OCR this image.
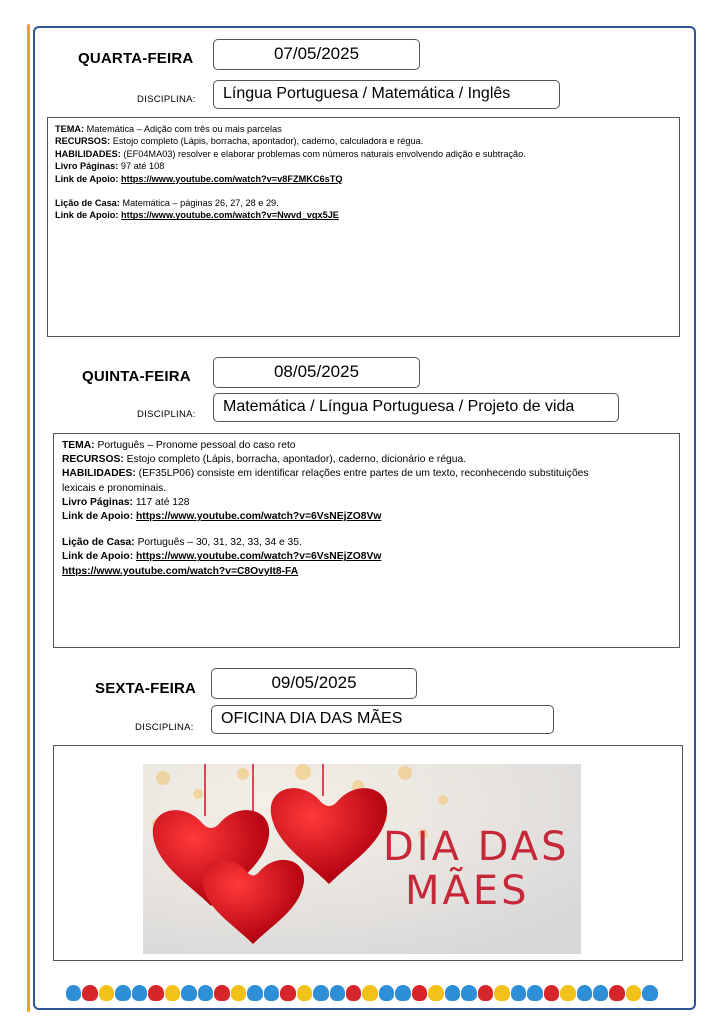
QUARTA-FEIRA	07/05/2025
DISCIPLINA:	Língua Portuguesa / Matemática / Inglês

TEMA: Matemática – Adição com três ou mais parcelas

RECURSOS: Estojo completo (Lápis, borracha, apontador), caderno, calculadora e régua.

HABILIDADES: (EF04MA03) resolver e elaborar problemas com números naturais envolvendo adição e subtração.

Livro Páginas: 97 até 108

Link de Apoio: https://www.youtube.com/watch?v=v8FZMKC6sTQ

Lição de Casa: Matemática – páginas 26, 27, 28 e 29.

Link de Apoio: https://www.youtube.com/watch?v=Nwvd_vgx5JE

QUINTA-FEIRA	08/05/2025
DISCIPLINA:	Matemática / Língua Portuguesa / Projeto de vida

TEMA: Português – Pronome pessoal do caso reto

RECURSOS: Estojo completo (Lápis, borracha, apontador), caderno, dicionário e régua.

HABILIDADES: (EF35LP06) consiste em identificar relações entre partes de um texto, reconhecendo substituições lexicais e pronominais.

Livro Páginas: 117 até 128

Link de Apoio: https://www.youtube.com/watch?v=6VsNEjZO8Vw

Lição de Casa: Português – 30, 31, 32, 33, 34 e 35.

Link de Apoio: https://www.youtube.com/watch?v=6VsNEjZO8Vw

https://www.youtube.com/watch?v=C8OvyIt8-FA

SEXTA-FEIRA	09/05/2025
DISCIPLINA:
OFICINA DIA DAS MÃES
DIA DAS
MÃES
